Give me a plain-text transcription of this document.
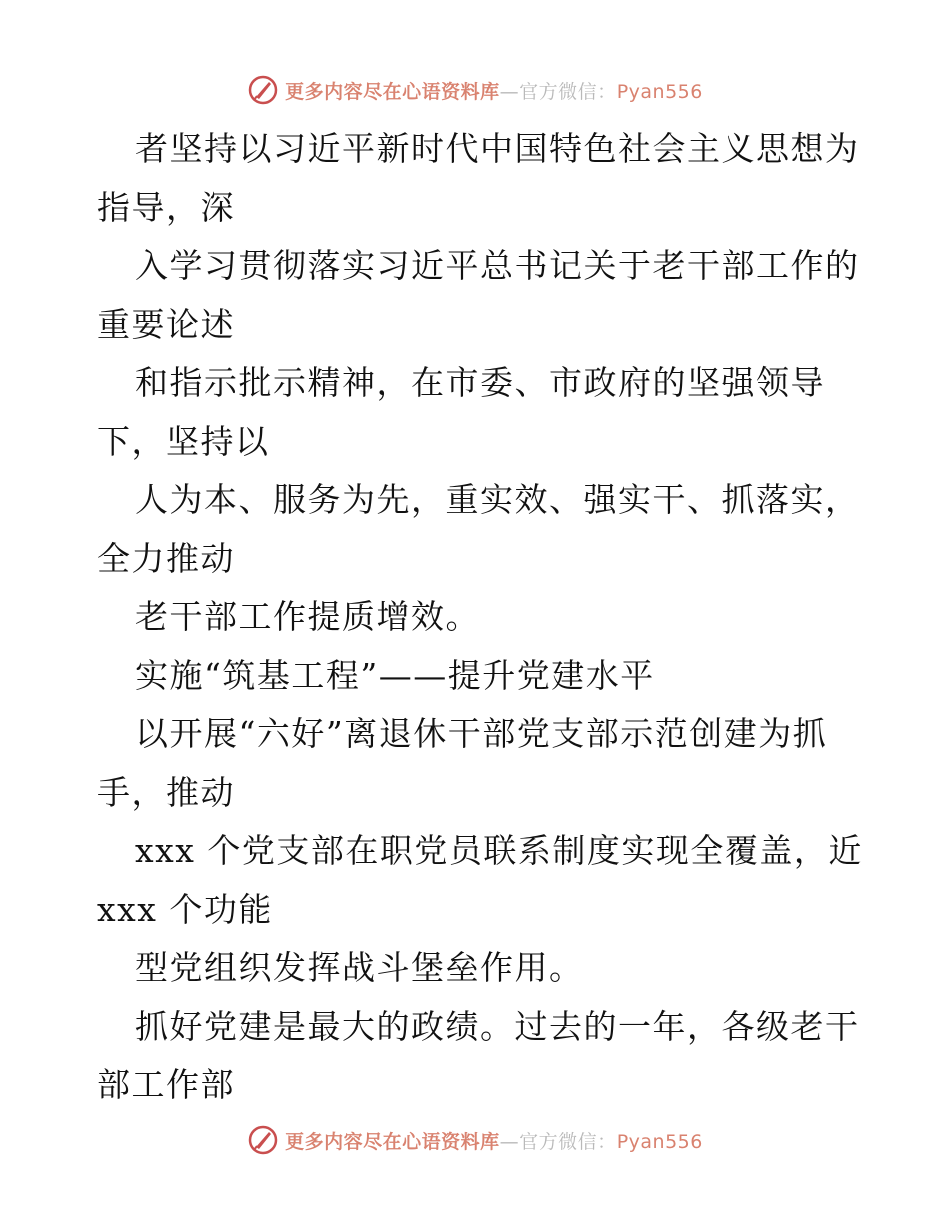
更多内容尽在心语资料库—官方微信：Pyan556
者坚持以习近平新时代中国特色社会主义思想为
指导，深
入学习贯彻落实习近平总书记关于老干部工作的
重要论述
和指示批示精神，在市委、市政府的坚强领导
下，坚持以
人为本、服务为先，重实效、强实干、抓落实，
全力推动
老干部工作提质增效。
实施“筑基工程”——提升党建水平
以开展“六好”离退休干部党支部示范创建为抓
手，推动
xxx 个党支部在职党员联系制度实现全覆盖，近
xxx 个功能
型党组织发挥战斗堡垒作用。
抓好党建是最大的政绩。过去的一年，各级老干
部工作部
更多内容尽在心语资料库—官方微信：Pyan556
